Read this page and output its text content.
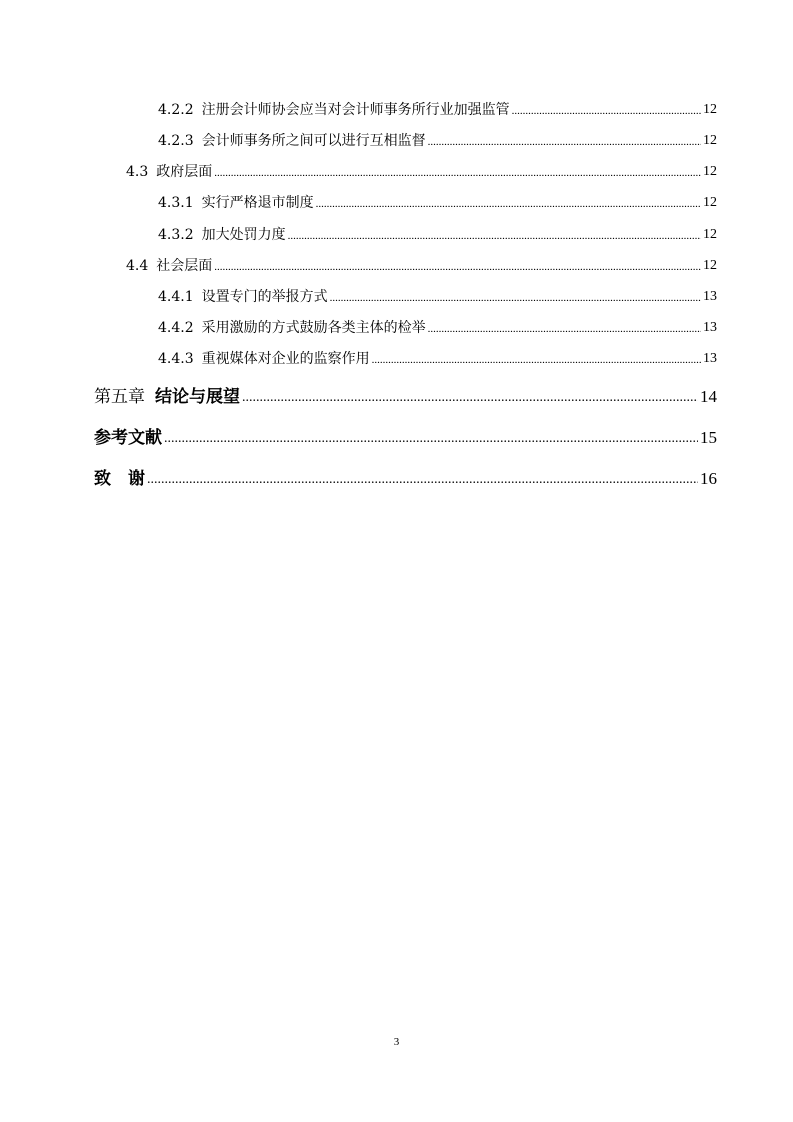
4.2.2 注册会计师协会应当对会计师事务所行业加强监管 .....	12
4.2.3 会计师事务所之间可以进行互相监督 .....	12
4.3 政府层面 .....	12
4.3.1 实行严格退市制度 .....	12
4.3.2 加大处罚力度 .....	12
4.4 社会层面 .....	12
4.4.1 设置专门的举报方式 .....	13
4.4.2 采用激励的方式鼓励各类主体的检举 .....	13
4.4.3 重视媒体对企业的监察作用 .....	13
第五章 结论与展望 .....	14
参考文献 .....	15
致　谢 .....	16
3
